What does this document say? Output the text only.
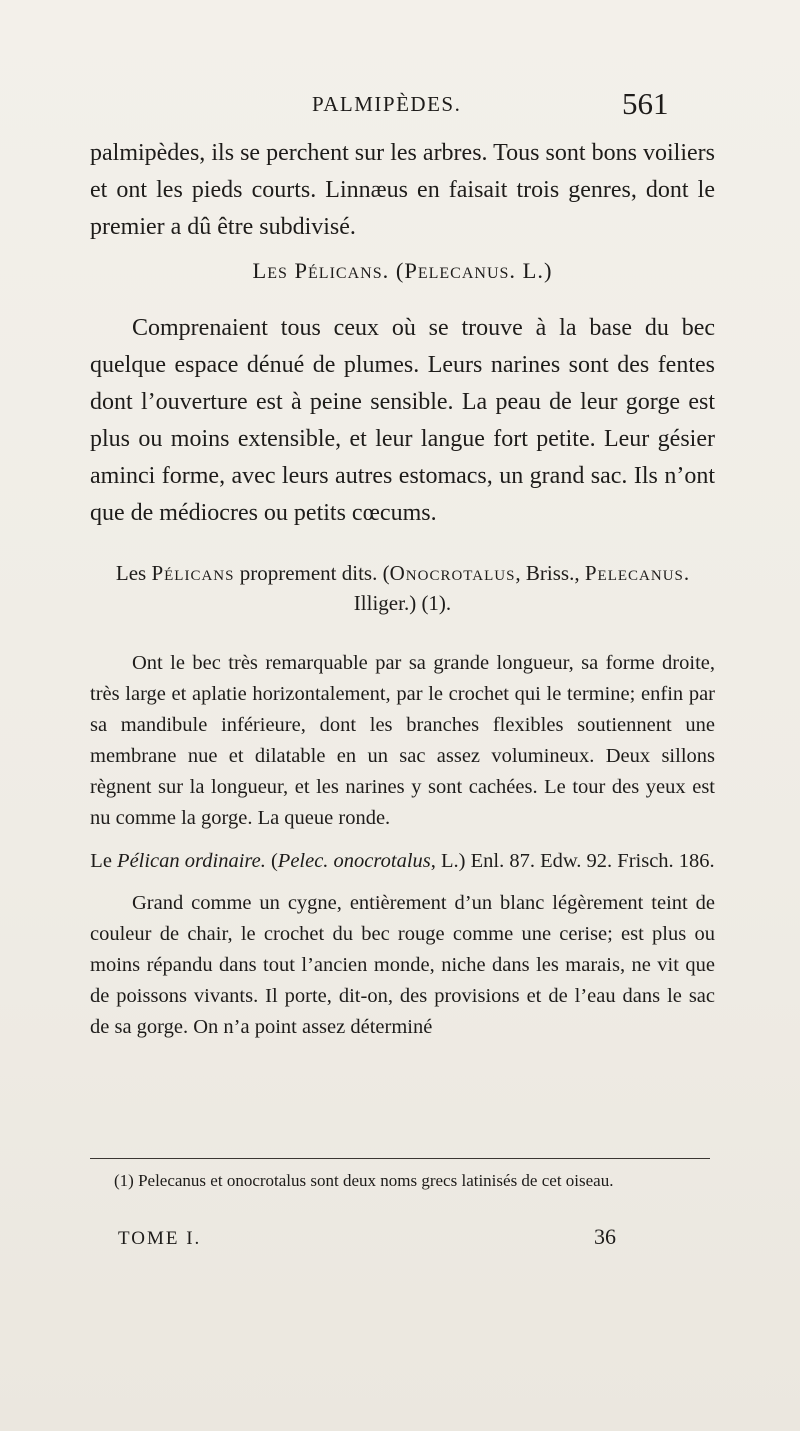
PALMIPÈDES.	561

palmipèdes, ils se perchent sur les arbres. Tous sont bons voiliers et ont les pieds courts. Linnæus en faisait trois genres, dont le premier a dû être subdivisé.

Les Pélicans. (Pelecanus. L.)

Comprenaient tous ceux où se trouve à la base du bec quelque espace dénué de plumes. Leurs narines sont des fentes dont l’ouverture est à peine sensible. La peau de leur gorge est plus ou moins extensible, et leur langue fort petite. Leur gésier aminci forme, avec leurs autres estomacs, un grand sac. Ils n’ont que de médiocres ou petits cœcums.

Les Pélicans proprement dits. (Onocrotalus, Briss., Pelecanus. Illiger.) (1).

Ont le bec très remarquable par sa grande longueur, sa forme droite, très large et aplatie horizontalement, par le crochet qui le termine; enfin par sa mandibule inférieure, dont les branches flexibles soutiennent une membrane nue et dilatable en un sac assez volumineux. Deux sillons règnent sur la longueur, et les narines y sont cachées. Le tour des yeux est nu comme la gorge. La queue ronde.

Le Pélican ordinaire. (Pelec. onocrotalus, L.) Enl. 87. Edw. 92. Frisch. 186.

Grand comme un cygne, entièrement d’un blanc légèrement teint de couleur de chair, le crochet du bec rouge comme une cerise; est plus ou moins répandu dans tout l’ancien monde, niche dans les marais, ne vit que de poissons vivants. Il porte, dit-on, des provisions et de l’eau dans le sac de sa gorge. On n’a point assez déterminé

(1) Pelecanus et onocrotalus sont deux noms grecs latinisés de cet oiseau.

TOME I.	36
